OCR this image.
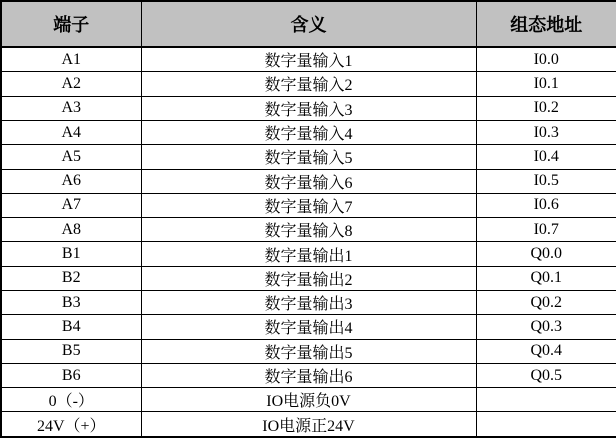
端子	含义	组态地址
A1	数字量输入1	I0.0
A2	数字量输入2	I0.1
A3	数字量输入3	I0.2
A4	数字量输入4	I0.3
A5	数字量输入5	I0.4
A6	数字量输入6	I0.5
A7	数字量输入7	I0.6
A8	数字量输入8	I0.7
B1	数字量输出1	Q0.0
B2	数字量输出2	Q0.1
B3	数字量输出3	Q0.2
B4	数字量输出4	Q0.3
B5	数字量输出5	Q0.4
B6	数字量输出6	Q0.5
0（-）	IO电源负0V	
24V（+）	IO电源正24V	
